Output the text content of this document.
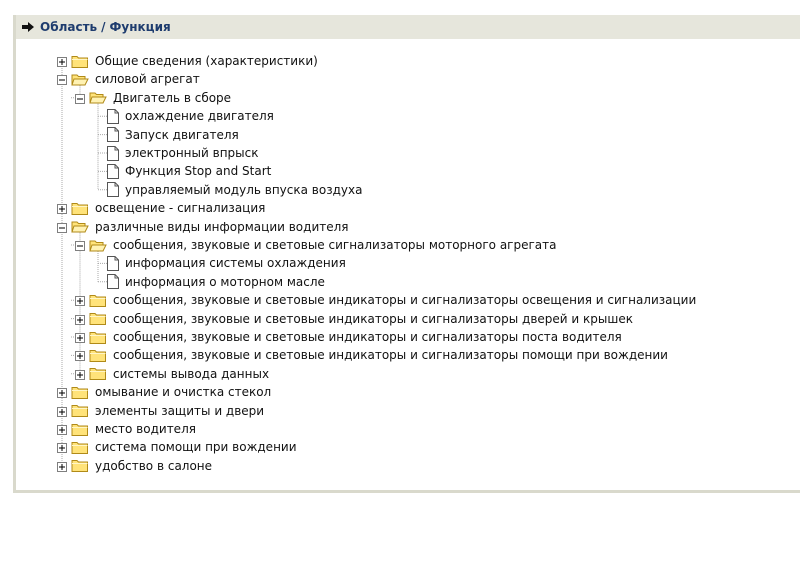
Область / Функция
Общие сведения (характеристики)
силовой агрегат
Двигатель в сборе
охлаждение двигателя
Запуск двигателя
электронный впрыск
Функция Stop and Start
управляемый модуль впуска воздуха
освещение - сигнализация
различные виды информации водителя
сообщения, звуковые и световые сигнализаторы моторного агрегата
информация системы охлаждения
информация о моторном масле
сообщения, звуковые и световые индикаторы и сигнализаторы освещения и сигнализации
сообщения, звуковые и световые индикаторы и сигнализаторы дверей и крышек
сообщения, звуковые и световые индикаторы и сигнализаторы поста водителя
сообщения, звуковые и световые индикаторы и сигнализаторы помощи при вождении
системы вывода данных
омывание и очистка стекол
элементы защиты и двери
место водителя
система помощи при вождении
удобство в салоне
